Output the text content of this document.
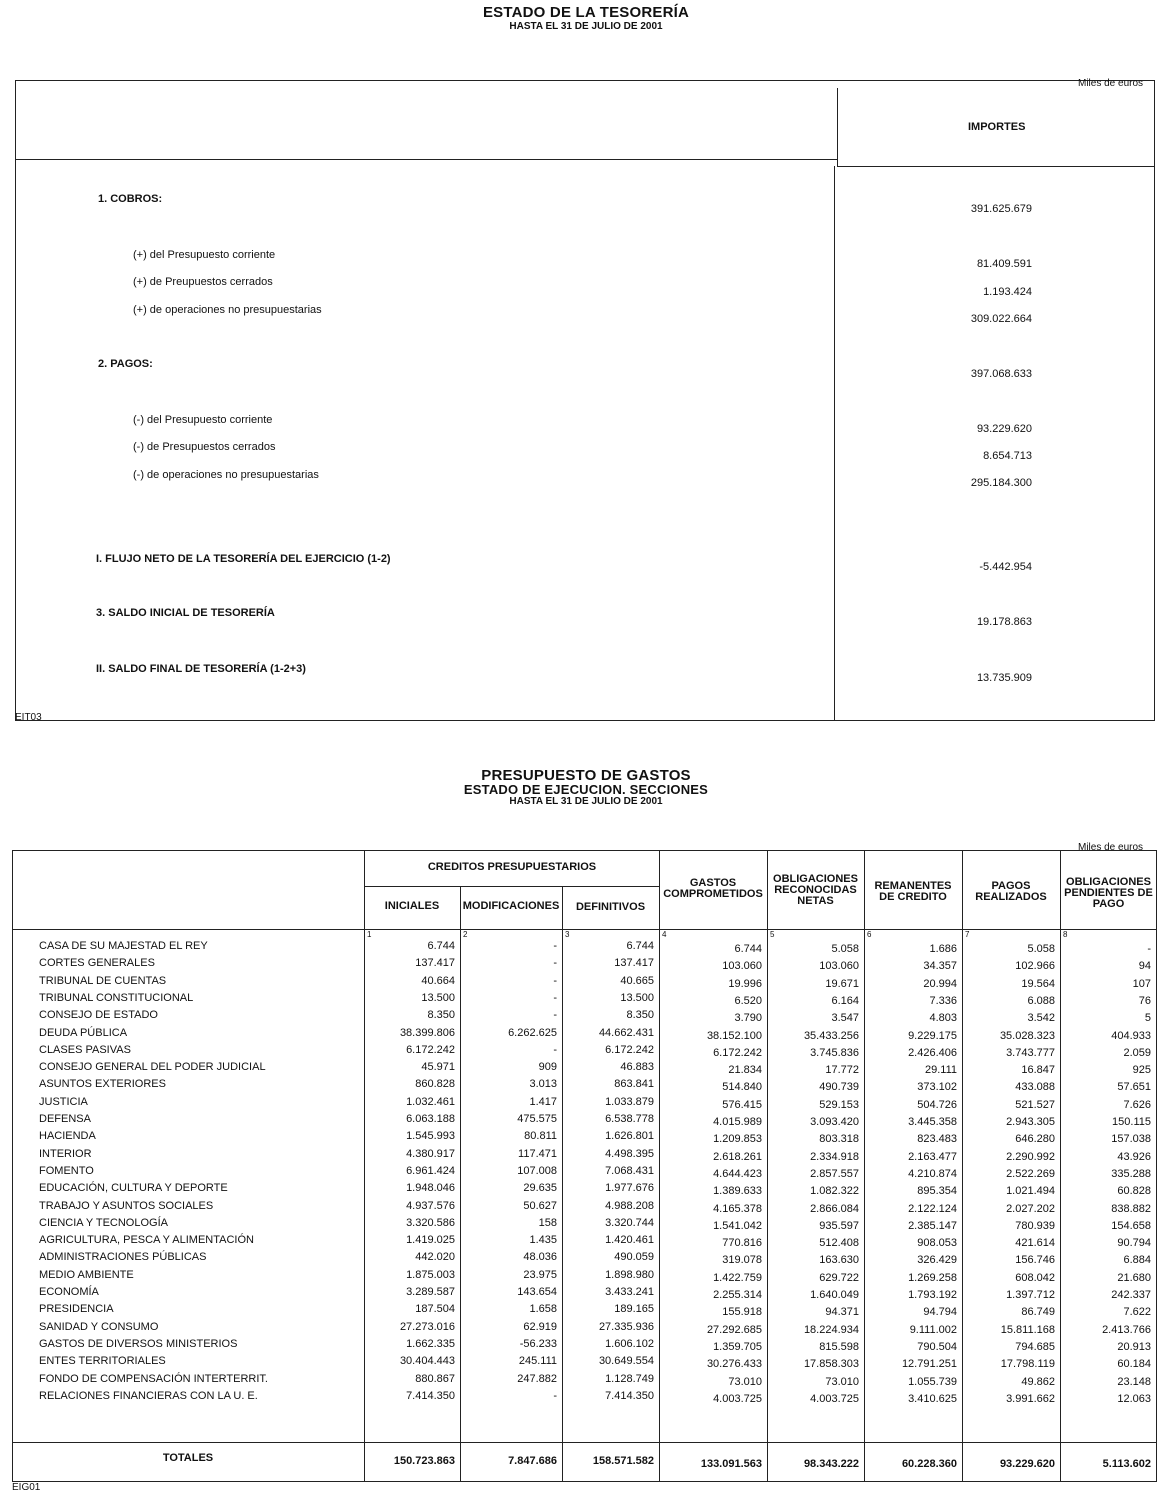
ESTADO DE LA TESORERÍA
HASTA EL 31 DE JULIO DE 2001
Miles de euros
IMPORTES
1. COBROS:
391.625.679
(+) del Presupuesto corriente
81.409.591
(+) de Preupuestos cerrados
1.193.424
(+) de operaciones no presupuestarias
309.022.664
2. PAGOS:
397.068.633
(-) del Presupuesto corriente
93.229.620
(-) de Presupuestos cerrados
8.654.713
(-) de operaciones no presupuestarias
295.184.300
I. FLUJO NETO DE LA TESORERÍA DEL EJERCICIO (1-2)
-5.442.954
3. SALDO INICIAL DE TESORERÍA
19.178.863
II. SALDO FINAL DE TESORERÍA (1-2+3)
13.735.909
EIT03
PRESUPUESTO DE GASTOS
ESTADO DE EJECUCION. SECCIONES
HASTA EL 31 DE JULIO DE 2001
Miles de euros
CREDITOS PRESUPUESTARIOS
INICIALES	MODIFICACIONES	DEFINITIVOS
GASTOS
COMPROMETIDOS
OBLIGACIONES
RECONOCIDAS
NETAS
REMANENTES
DE CREDITO
PAGOS
REALIZADOS
OBLIGACIONES
PENDIENTES DE
PAGO
1	2	3	4	5	6	7	8
CASA DE SU MAJESTAD EL REY	6.744	-	6.744	6.744	5.058	1.686	5.058	-
CORTES GENERALES	137.417	-	137.417	103.060	103.060	34.357	102.966	94
TRIBUNAL DE CUENTAS	40.664	-	40.665	19.996	19.671	20.994	19.564	107
TRIBUNAL CONSTITUCIONAL	13.500	-	13.500	6.520	6.164	7.336	6.088	76
CONSEJO DE ESTADO	8.350	-	8.350	3.790	3.547	4.803	3.542	5
DEUDA PÚBLICA	38.399.806	6.262.625	44.662.431	38.152.100	35.433.256	9.229.175	35.028.323	404.933
CLASES PASIVAS	6.172.242	-	6.172.242	6.172.242	3.745.836	2.426.406	3.743.777	2.059
CONSEJO GENERAL DEL PODER JUDICIAL	45.971	909	46.883	21.834	17.772	29.111	16.847	925
ASUNTOS EXTERIORES	860.828	3.013	863.841	514.840	490.739	373.102	433.088	57.651
JUSTICIA	1.032.461	1.417	1.033.879	576.415	529.153	504.726	521.527	7.626
DEFENSA	6.063.188	475.575	6.538.778	4.015.989	3.093.420	3.445.358	2.943.305	150.115
HACIENDA	1.545.993	80.811	1.626.801	1.209.853	803.318	823.483	646.280	157.038
INTERIOR	4.380.917	117.471	4.498.395	2.618.261	2.334.918	2.163.477	2.290.992	43.926
FOMENTO	6.961.424	107.008	7.068.431	4.644.423	2.857.557	4.210.874	2.522.269	335.288
EDUCACIÓN, CULTURA Y DEPORTE	1.948.046	29.635	1.977.676	1.389.633	1.082.322	895.354	1.021.494	60.828
TRABAJO Y ASUNTOS SOCIALES	4.937.576	50.627	4.988.208	4.165.378	2.866.084	2.122.124	2.027.202	838.882
CIENCIA Y TECNOLOGÍA	3.320.586	158	3.320.744	1.541.042	935.597	2.385.147	780.939	154.658
AGRICULTURA, PESCA Y ALIMENTACIÓN	1.419.025	1.435	1.420.461	770.816	512.408	908.053	421.614	90.794
ADMINISTRACIONES PÚBLICAS	442.020	48.036	490.059	319.078	163.630	326.429	156.746	6.884
MEDIO AMBIENTE	1.875.003	23.975	1.898.980	1.422.759	629.722	1.269.258	608.042	21.680
ECONOMÍA	3.289.587	143.654	3.433.241	2.255.314	1.640.049	1.793.192	1.397.712	242.337
PRESIDENCIA	187.504	1.658	189.165	155.918	94.371	94.794	86.749	7.622
SANIDAD Y CONSUMO	27.273.016	62.919	27.335.936	27.292.685	18.224.934	9.111.002	15.811.168	2.413.766
GASTOS DE DIVERSOS MINISTERIOS	1.662.335	-56.233	1.606.102	1.359.705	815.598	790.504	794.685	20.913
ENTES TERRITORIALES	30.404.443	245.111	30.649.554	30.276.433	17.858.303	12.791.251	17.798.119	60.184
FONDO DE COMPENSACIÓN INTERTERRIT.	880.867	247.882	1.128.749	73.010	73.010	1.055.739	49.862	23.148
RELACIONES FINANCIERAS CON LA U. E.	7.414.350	-	7.414.350	4.003.725	4.003.725	3.410.625	3.991.662	12.063
TOTALES	150.723.863	7.847.686	158.571.582	133.091.563	98.343.222	60.228.360	93.229.620	5.113.602
EIG01
